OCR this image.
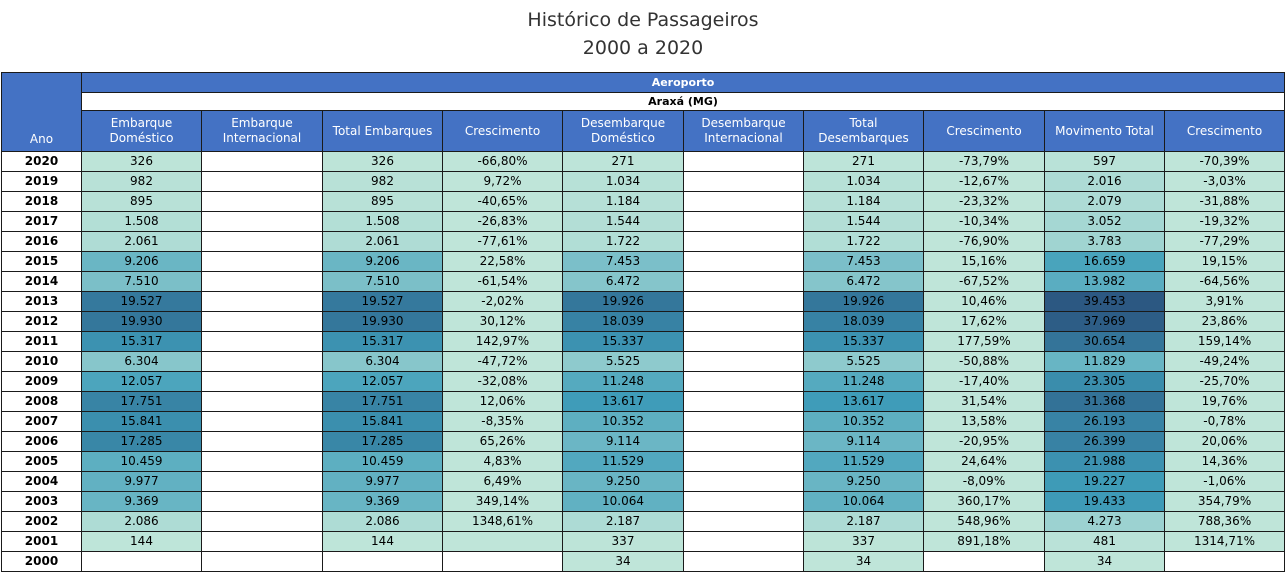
Histórico de Passageiros
2000 a 2020
Ano	Aeroporto									
	Araxá (MG)									
	Embarque Doméstico	Embarque Internacional	Total Embarques	Crescimento	Desembarque Doméstico	Desembarque Internacional	Total Desembarques	Crescimento	Movimento Total	Crescimento
2020	326		326	-66,80%	271		271	-73,79%	597	-70,39%
2019	982		982	9,72%	1.034		1.034	-12,67%	2.016	-3,03%
2018	895		895	-40,65%	1.184		1.184	-23,32%	2.079	-31,88%
2017	1.508		1.508	-26,83%	1.544		1.544	-10,34%	3.052	-19,32%
2016	2.061		2.061	-77,61%	1.722		1.722	-76,90%	3.783	-77,29%
2015	9.206		9.206	22,58%	7.453		7.453	15,16%	16.659	19,15%
2014	7.510		7.510	-61,54%	6.472		6.472	-67,52%	13.982	-64,56%
2013	19.527		19.527	-2,02%	19.926		19.926	10,46%	39.453	3,91%
2012	19.930		19.930	30,12%	18.039		18.039	17,62%	37.969	23,86%
2011	15.317		15.317	142,97%	15.337		15.337	177,59%	30.654	159,14%
2010	6.304		6.304	-47,72%	5.525		5.525	-50,88%	11.829	-49,24%
2009	12.057		12.057	-32,08%	11.248		11.248	-17,40%	23.305	-25,70%
2008	17.751		17.751	12,06%	13.617		13.617	31,54%	31.368	19,76%
2007	15.841		15.841	-8,35%	10.352		10.352	13,58%	26.193	-0,78%
2006	17.285		17.285	65,26%	9.114		9.114	-20,95%	26.399	20,06%
2005	10.459		10.459	4,83%	11.529		11.529	24,64%	21.988	14,36%
2004	9.977		9.977	6,49%	9.250		9.250	-8,09%	19.227	-1,06%
2003	9.369		9.369	349,14%	10.064		10.064	360,17%	19.433	354,79%
2002	2.086		2.086	1348,61%	2.187		2.187	548,96%	4.273	788,36%
2001	144		144		337		337	891,18%	481	1314,71%
2000					34		34		34	
